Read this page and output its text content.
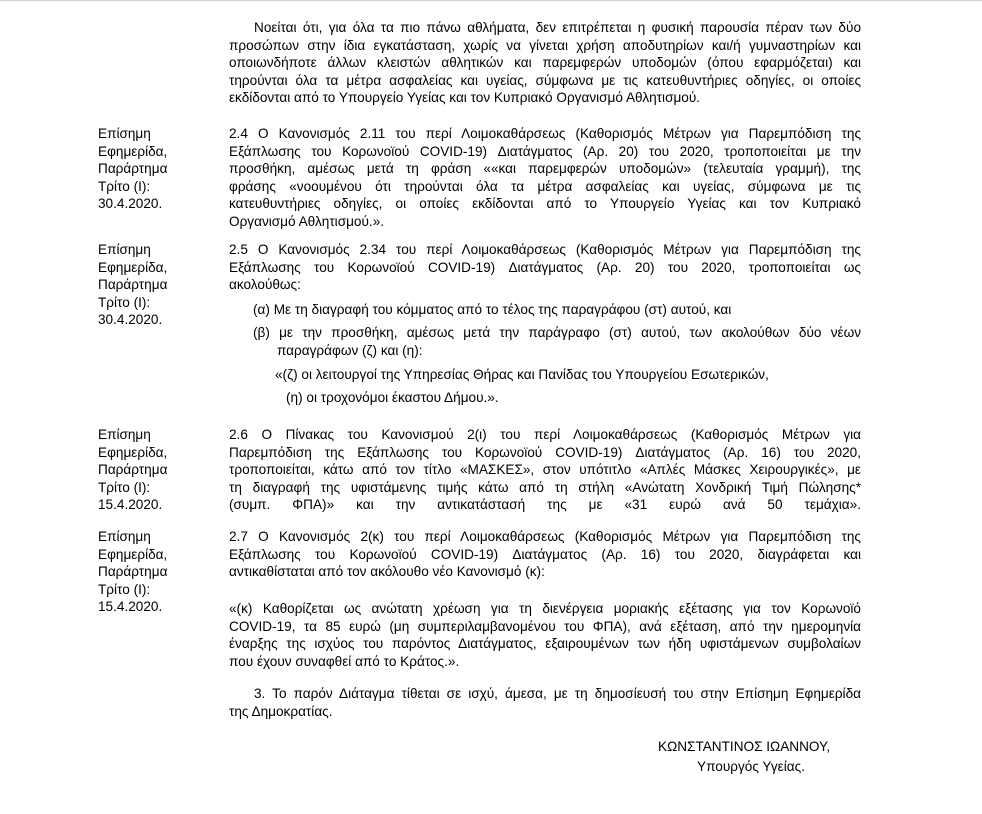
Νοείται ότι, για όλα τα πιο πάνω αθλήματα, δεν επιτρέπεται η φυσική παρουσία πέραν των δύο
προσώπων στην ίδια εγκατάσταση, χωρίς να γίνεται χρήση αποδυτηρίων και/ή γυμναστηρίων και
οποιωνδήποτε άλλων κλειστών αθλητικών και παρεμφερών υποδομών (όπου εφαρμόζεται) και
τηρούνται όλα τα μέτρα ασφαλείας και υγείας, σύμφωνα με τις κατευθυντήριες οδηγίες, οι οποίες
εκδίδονται από το Υπουργείο Υγείας και τον Κυπριακό Οργανισμό Αθλητισμού.
Επίσημη
Εφημερίδα,
Παράρτημα
Τρίτο (Ι):
30.4.2020.
2.4 Ο Κανονισμός 2.11 του περί Λοιμοκαθάρσεως (Καθορισμός Μέτρων για Παρεμπόδιση της
Εξάπλωσης του Κορωνοϊού COVID-19) Διατάγματος (Αρ. 20) του 2020, τροποποιείται με την
προσθήκη, αμέσως μετά τη φράση ««και παρεμφερών υποδομών» (τελευταία γραμμή), της
φράσης «νοουμένου ότι τηρούνται όλα τα μέτρα ασφαλείας και υγείας, σύμφωνα με τις
κατευθυντήριες οδηγίες, οι οποίες εκδίδονται από το Υπουργείο Υγείας και τον Κυπριακό
Οργανισμό Αθλητισμού.».
Επίσημη
Εφημερίδα,
Παράρτημα
Τρίτο (Ι):
30.4.2020.
2.5 Ο Κανονισμός 2.34 του περί Λοιμοκαθάρσεως (Καθορισμός Μέτρων για Παρεμπόδιση της
Εξάπλωσης του Κορωνοϊού COVID-19) Διατάγματος (Αρ. 20) του 2020, τροποποιείται ως
ακολούθως:
(α) Με τη διαγραφή του κόμματος από το τέλος της παραγράφου (στ) αυτού, και
(β) με την προσθήκη, αμέσως μετά την παράγραφο (στ) αυτού, των ακολούθων δύο νέων
παραγράφων (ζ) και (η):
«(ζ) οι λειτουργοί της Υπηρεσίας Θήρας και Πανίδας του Υπουργείου Εσωτερικών,
(η) οι τροχονόμοι έκαστου Δήμου.».
Επίσημη
Εφημερίδα,
Παράρτημα
Τρίτο (Ι):
15.4.2020.
2.6 Ο Πίνακας του Κανονισμού 2(ι) του περί Λοιμοκαθάρσεως (Καθορισμός Μέτρων για
Παρεμπόδιση της Εξάπλωσης του Κορωνοϊού COVID-19) Διατάγματος (Αρ. 16) του 2020,
τροποποιείται, κάτω από τον τίτλο «ΜΑΣΚΕΣ», στον υπότιτλο «Απλές Μάσκες Χειρουργικές», με
τη διαγραφή της υφιστάμενης τιμής κάτω από τη στήλη «Ανώτατη Χονδρική Τιμή Πώλησης*
(συμπ. ΦΠΑ)» και την αντικατάστασή της με «31 ευρώ ανά 50 τεμάχια».
Επίσημη
Εφημερίδα,
Παράρτημα
Τρίτο (Ι):
15.4.2020.
2.7 Ο Κανονισμός 2(κ) του περί Λοιμοκαθάρσεως (Καθορισμός Μέτρων για Παρεμπόδιση της
Εξάπλωσης του Κορωνοϊού COVID-19) Διατάγματος (Αρ. 16) του 2020, διαγράφεται και
αντικαθίσταται από τον ακόλουθο νέο Κανονισμό (κ):
«(κ) Καθορίζεται ως ανώτατη χρέωση για τη διενέργεια μοριακής εξέτασης για τον Κορωνοϊό
COVID-19, τα 85 ευρώ (μη συμπεριλαμβανομένου του ΦΠΑ), ανά εξέταση, από την ημερομηνία
έναρξης της ισχύος του παρόντος Διατάγματος, εξαιρουμένων των ήδη υφιστάμενων συμβολαίων
που έχουν συναφθεί από το Κράτος.».
3. Το παρόν Διάταγμα τίθεται σε ισχύ, άμεσα, με τη δημοσίευσή του στην Επίσημη Εφημερίδα
της Δημοκρατίας.
ΚΩΝΣΤΑΝΤΙΝΟΣ ΙΩΑΝΝΟΥ,
Υπουργός Υγείας.
